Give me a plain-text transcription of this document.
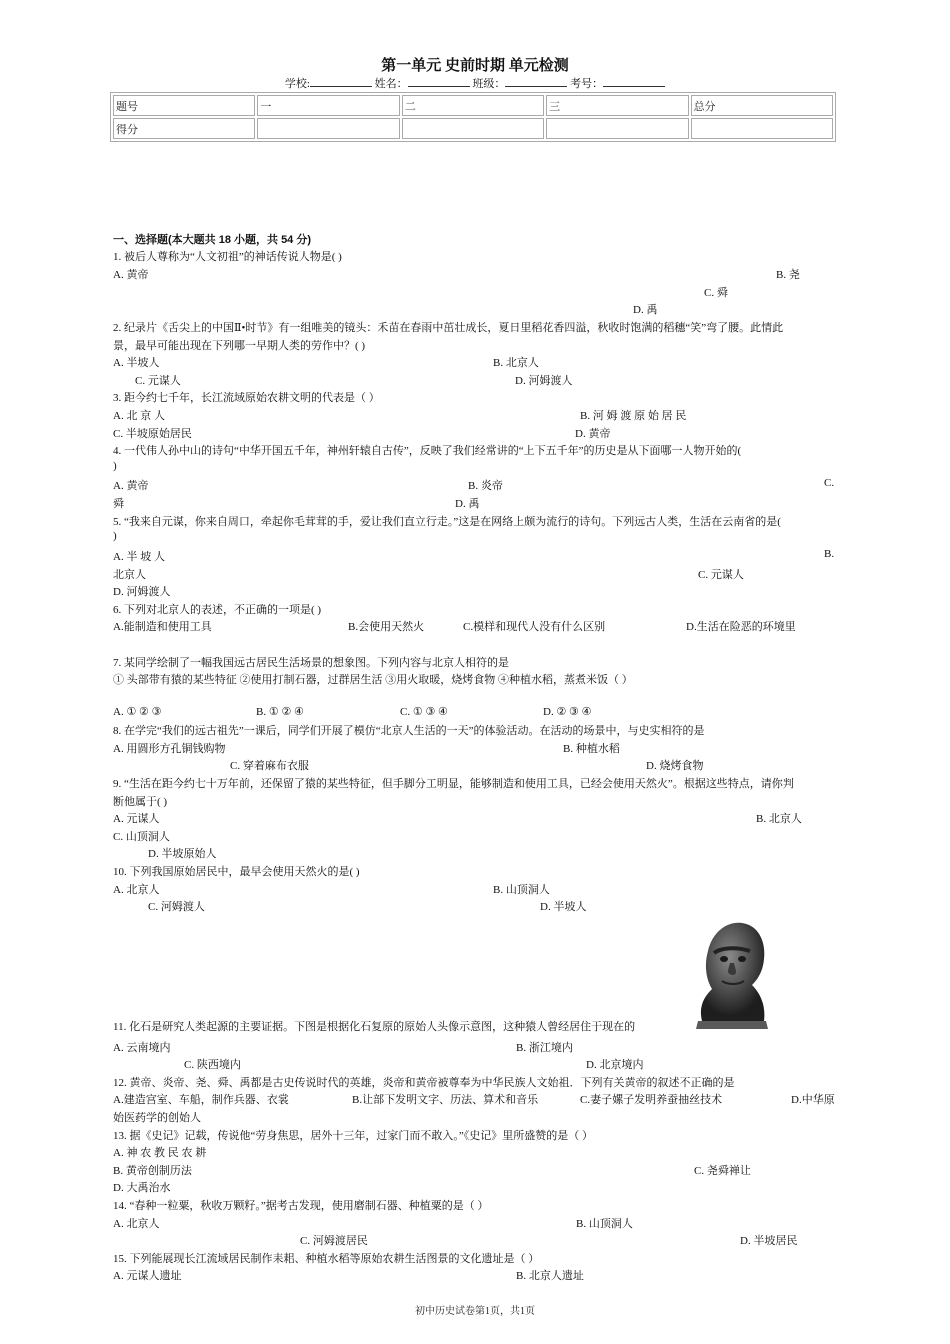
第一单元 史前时期 单元检测
学校:	姓名：	班级：	考号：
题号	一	二	三	总分
得分				
一、选择题(本大题共 18 小题，共 54 分)
1. 被后人尊称为“人文初祖”的神话传说人物是( )
A. 黄帝	B. 尧
C. 舜
D. 禹
2. 纪录片《舌尖上的中国Ⅱ•时节》有一组唯美的镜头：禾苗在春雨中茁壮成长，夏日里稻花香四溢，秋收时饱满的稻穗“笑”弯了腰。此情此
景，最早可能出现在下列哪一早期人类的劳作中？( )
A. 半坡人	B. 北京人
C. 元谋人	D. 河姆渡人
3. 距今约七千年，长江流域原始农耕文明的代表是（ ）
A. 北 京 人	B. 河 姆 渡 原 始 居 民
C. 半坡原始居民	D. 黄帝
4. 一代伟人孙中山的诗句“中华开国五千年，神州轩辕自古传”，反映了我们经常讲的“上下五千年”的历史是从下面哪一人物开始的(
)
A. 黄帝	B. 炎帝	C.
舜	D. 禹
5. “我来自元谋，你来自周口，牵起你毛茸茸的手，爱让我们直立行走。”这是在网络上颇为流行的诗句。下列远古人类，生活在云南省的是(
)
A. 半 坡 人	B.
北京人	C. 元谋人
D. 河姆渡人
6. 下列对北京人的表述，不正确的一项是( )
A.能制造和使用工具	B.会使用天然火	C.模样和现代人没有什么区别	D.生活在险恶的环境里
7. 某同学绘制了一幅我国远古居民生活场景的想象图。下列内容与北京人相符的是
① 头部带有猿的某些特征 ②使用打制石器，过群居生活 ③用火取暖，烧烤食物 ④种植水稻，蒸煮米饭（ ）
A. ① ② ③	B. ① ② ④	C. ① ③ ④	D. ② ③ ④
8. 在学完“我们的远古祖先”一课后，同学们开展了模仿“北京人生活的一天”的体验活动。在活动的场景中，与史实相符的是
A. 用圆形方孔铜钱购物	B. 种植水稻
C. 穿着麻布衣服	D. 烧烤食物
9. “生活在距今约七十万年前，还保留了猿的某些特征，但手脚分工明显，能够制造和使用工具，已经会使用天然火”。根据这些特点，请你判
断他属于( )
A. 元谋人	B. 北京人
C. 山顶洞人
D. 半坡原始人
10. 下列我国原始居民中，最早会使用天然火的是( )
A. 北京人	B. 山顶洞人
C. 河姆渡人	D. 半坡人
11. 化石是研究人类起源的主要证据。下图是根据化石复原的原始人头像示意图，这种猿人曾经居住于现在的
A. 云南境内	B. 浙江境内
C. 陕西境内	D. 北京境内
12. 黄帝、炎帝、尧、舜、禹都是古史传说时代的英雄，炎帝和黄帝被尊奉为中华民族人文始祖．下列有关黄帝的叙述不正确的是
A.建造宫室、车船，制作兵器、衣裳	B.让部下发明文字、历法、算术和音乐	C.妻子嫘子发明养蚕抽丝技术	D.中华原
始医药学的创始人
13. 据《史记》记载，传说他“劳身焦思，居外十三年，过家门而不敢入。”《史记》里所盛赞的是（ ）
A. 神 农 教 民 农 耕
B. 黄帝创制历法	C. 尧舜禅让
D. 大禹治水
14. “春种一粒粟，秋收万颗籽。”据考古发现，使用磨制石器、种植粟的是（ ）
A. 北京人	B. 山顶洞人
C. 河姆渡居民	D. 半坡居民
15. 下列能展现长江流域居民制作耒耜、种植水稻等原始农耕生活图景的文化遗址是（ ）
A. 元谋人遗址	B. 北京人遗址
初中历史试卷第1页，共1页
